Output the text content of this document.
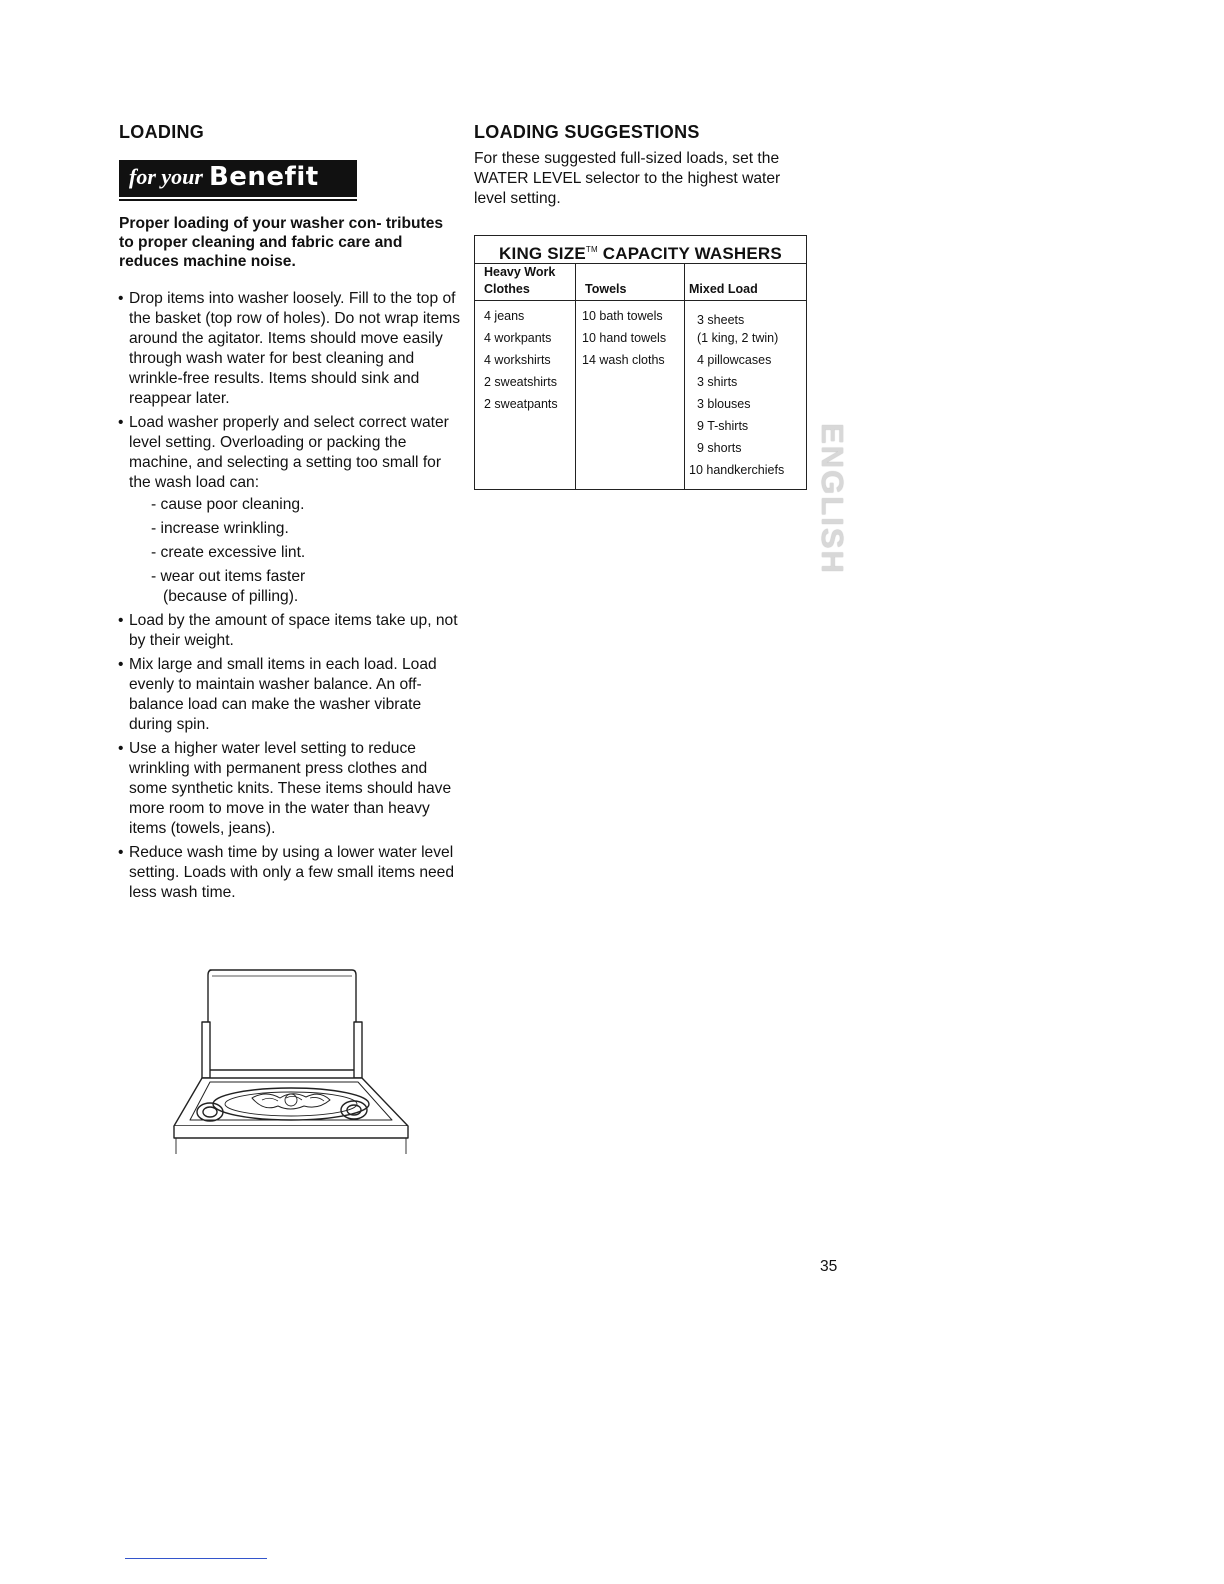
LOADING
for your Benefit
Proper loading of your washer con- tributes to proper cleaning and fabric care and reduces machine noise.
• Drop items into washer loosely. Fill to the top of the basket (top row of holes). Do not wrap items around the agitator. Items should move easily through wash water for best cleaning and wrinkle-free results. Items should sink and reappear later.
• Load washer properly and select correct water level setting. Overloading or packing the machine, and selecting a setting too small for the wash load can:
- cause poor cleaning.
- increase wrinkling.
- create excessive lint.
- wear out items faster
(because of pilling).
• Load by the amount of space items take up, not by their weight.
• Mix large and small items in each load. Load evenly to maintain washer balance. An off-balance load can make the washer vibrate during spin.
• Use a higher water level setting to reduce wrinkling with permanent press clothes and some synthetic knits. These items should have more room to move in the water than heavy items (towels, jeans).
• Reduce wash time by using a lower water level setting. Loads with only a few small items need less wash time.
LOADING SUGGESTIONS
For these suggested full-sized loads, set the WATER LEVEL selector to the highest water level setting.
KING SIZE™ CAPACITY WASHERS
Heavy Work Clothes
4 jeans
4 workpants
4 workshirts
2 sweatshirts
2 sweatpants
Towels
10 bath towels
10 hand towels
14 wash cloths
Mixed Load
3 sheets
(1 king, 2 twin)
4 pillowcases
3 shirts
3 blouses
9 T-shirts
9 shorts
10 handkerchiefs ENGLISH
35
